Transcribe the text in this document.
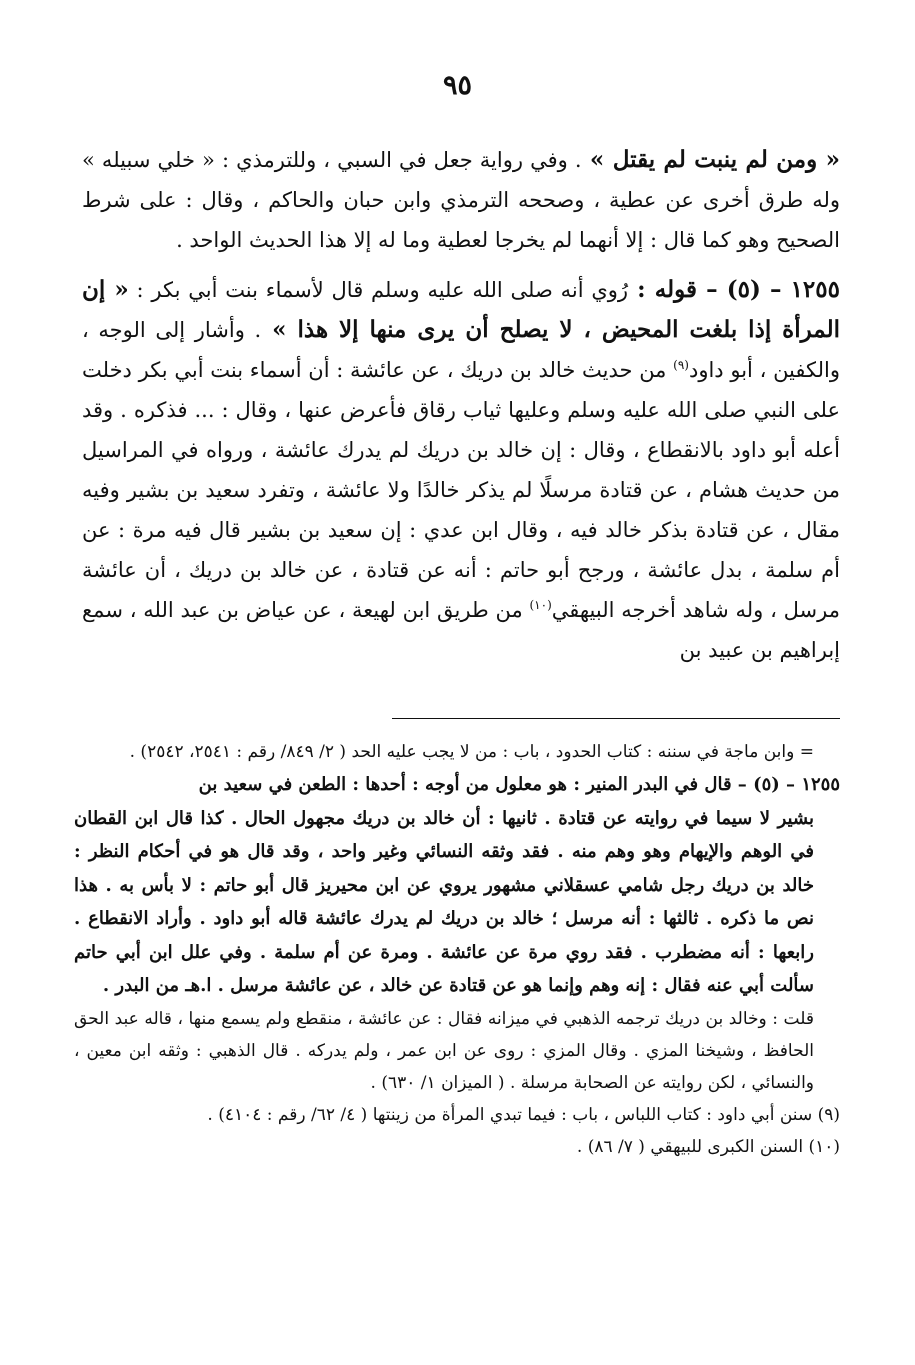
٩٥

« ومن لم ينبت لم يقتل » . وفي رواية جعل في السبي ، وللترمذي : « خلي سبيله » وله طرق أخرى عن عطية ، وصححه الترمذي وابن حبان والحاكم ، وقال : على شرط الصحيح وهو كما قال : إلا أنهما لم يخرجا لعطية وما له إلا هذا الحديث الواحد .

١٢٥٥ – (٥) – قوله : رُوي أنه صلى الله عليه وسلم قال لأسماء بنت أبي بكر : « إن المرأة إذا بلغت المحيض ، لا يصلح أن يرى منها إلا هذا » . وأشار إلى الوجه ، والكفين ، أبو داود$^{(٩)}$ من حديث خالد بن دريك ، عن عائشة : أن أسماء بنت أبي بكر دخلت على النبي صلى الله عليه وسلم وعليها ثياب رقاق فأعرض عنها ، وقال : ... فذكره . وقد أعله أبو داود بالانقطاع ، وقال : إن خالد بن دريك لم يدرك عائشة ، ورواه في المراسيل من حديث هشام ، عن قتادة مرسلًا لم يذكر خالدًا ولا عائشة ، وتفرد سعيد بن بشير وفيه مقال ، عن قتادة بذكر خالد فيه ، وقال ابن عدي : إن سعيد بن بشير قال فيه مرة : عن أم سلمة ، بدل عائشة ، ورجح أبو حاتم : أنه عن قتادة ، عن خالد بن دريك ، أن عائشة مرسل ، وله شاهد أخرجه البيهقي$^{(١٠)}$ من طريق ابن لهيعة ، عن عياض بن عبد الله ، سمع إبراهيم بن عبيد بن

= وابن ماجة في سننه : كتاب الحدود ، باب : من لا يجب عليه الحد ( ٢/ ٨٤٩/ رقم : ٢٥٤١، ٢٥٤٢) .

١٢٥٥ – (٥) – قال في البدر المنير : هو معلول من أوجه : أحدها : الطعن في سعيد بن
بشير لا سيما في روايته عن قتادة . ثانيها : أن خالد بن دريك مجهول الحال . كذا قال ابن القطان في الوهم والإيهام وهو وهم منه . فقد وثقه النسائي وغير واحد ، وقد قال هو في أحكام النظر : خالد بن دريك رجل شامي عسقلاني مشهور يروي عن ابن محيريز قال أبو حاتم : لا بأس به . هذا نص ما ذكره . ثالثها : أنه مرسل ؛ خالد بن دريك لم يدرك عائشة قاله أبو داود . وأراد الانقطاع . رابعها : أنه مضطرب . فقد روي مرة عن عائشة . ومرة عن أم سلمة . وفي علل ابن أبي حاتم سألت أبي عنه فقال : إنه وهم وإنما هو عن قتادة عن خالد ، عن عائشة مرسل . ا.هـ من البدر .

قلت : وخالد بن دريك ترجمه الذهبي في ميزانه فقال : عن عائشة ، منقطع ولم يسمع منها ، قاله عبد الحق الحافظ ، وشيخنا المزي . وقال المزي : روى عن ابن عمر ، ولم يدركه . قال الذهبي : وثقه ابن معين ، والنسائي ، لكن روايته عن الصحابة مرسلة . ( الميزان ١/ ٦٣٠) .

(٩) سنن أبي داود : كتاب اللباس ، باب : فيما تبدي المرأة من زينتها ( ٤/ ٦٢/ رقم : ٤١٠٤) .

(١٠) السنن الكبرى للبيهقي ( ٧/ ٨٦) .
